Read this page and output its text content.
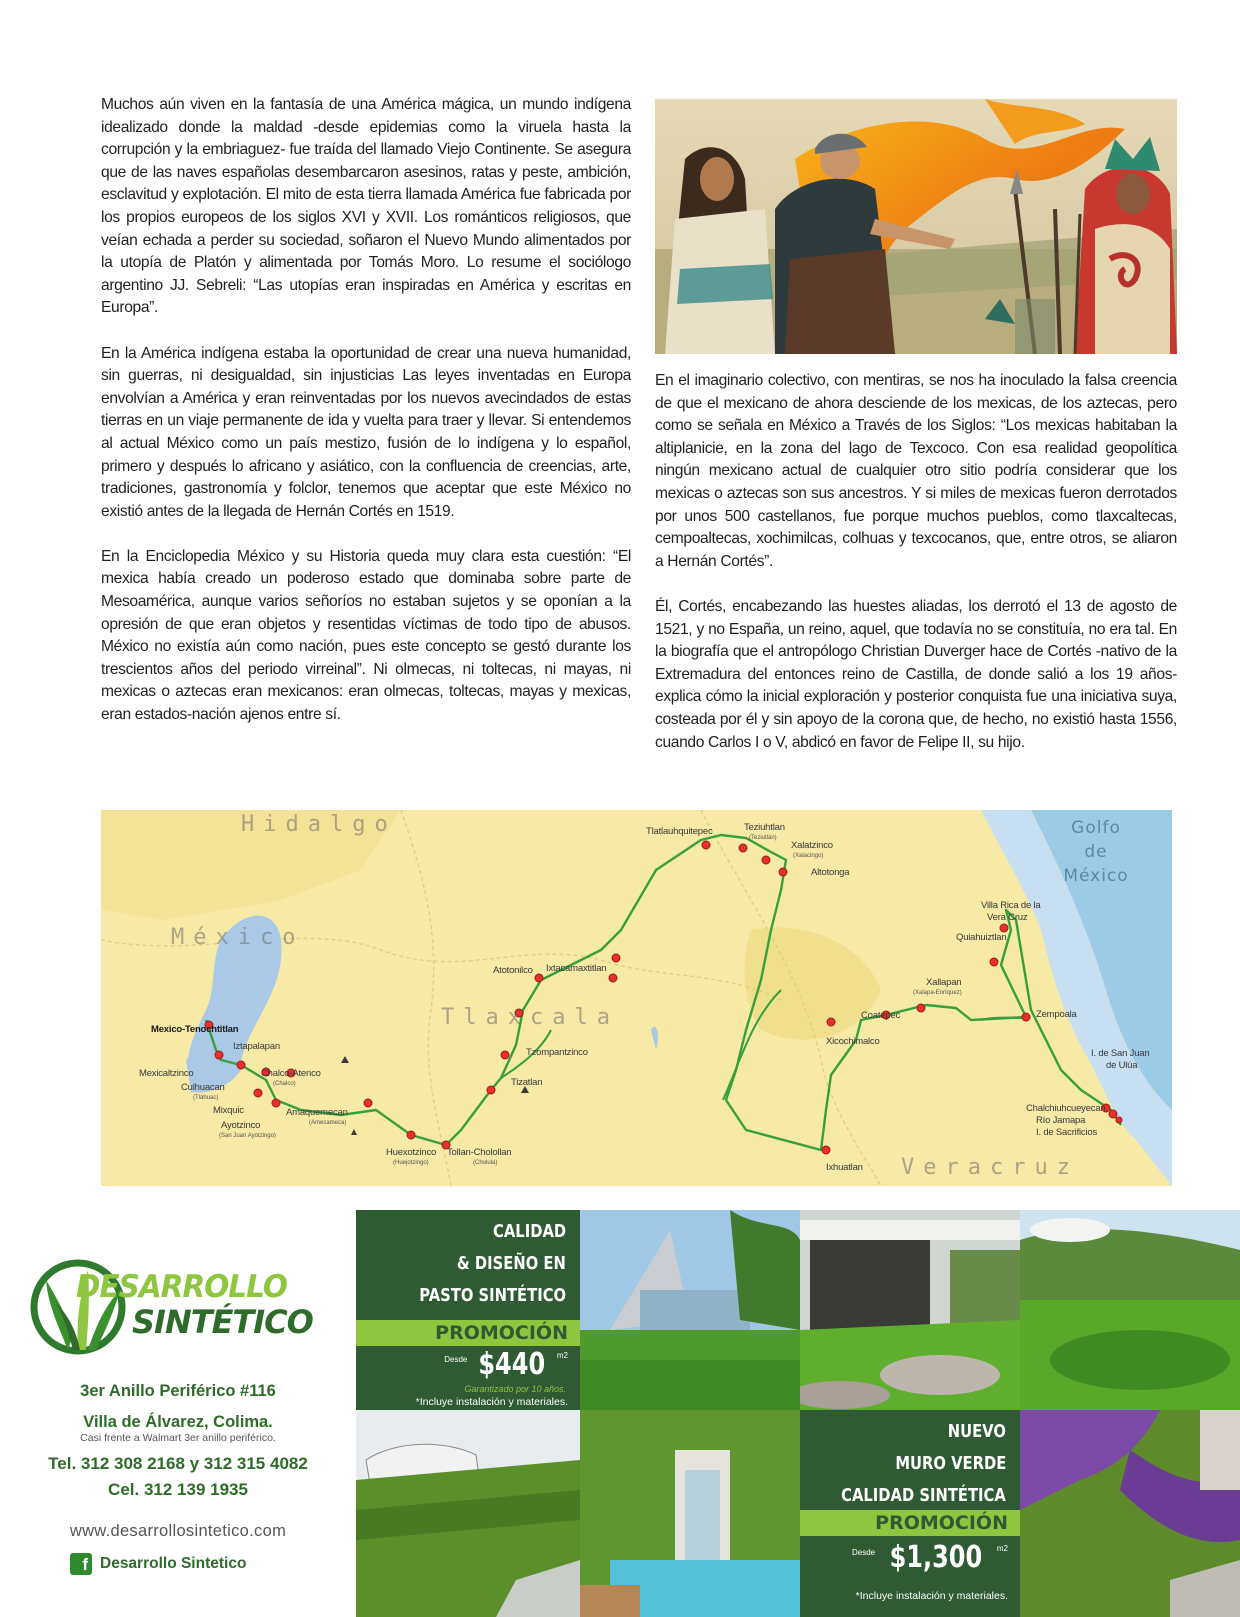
Muchos aún viven en la fantasía de una América mágica, un mundo indígena idealizado donde la maldad -desde epidemias como la viruela hasta la corrupción y la embriaguez- fue traída del llamado Viejo Continente. Se asegura que de las naves españolas desembarcaron asesinos, ratas y peste, ambición, esclavitud y explotación. El mito de esta tierra llamada América fue fabricada por los propios europeos de los siglos XVI y XVII. Los románticos religiosos, que veían echada a perder su sociedad, soñaron el Nuevo Mundo alimentados por la utopía de Platón y alimentada por Tomás Moro. Lo resume el sociólogo argentino JJ. Sebreli: “Las utopías eran inspiradas en América y escritas en Europa”.

En la América indígena estaba la oportunidad de crear una nueva humanidad, sin guerras, ni desigualdad, sin injusticias Las leyes inventadas en Europa envolvían a América y eran reinventadas por los nuevos avecindados de estas tierras en un viaje permanente de ida y vuelta para traer y llevar. Si entendemos al actual México como un país mestizo, fusión de lo indígena y lo español, primero y después lo africano y asiático, con la confluencia de creencias, arte, tradiciones, gastronomía y folclor, tenemos que aceptar que este México no existió antes de la llegada de Hernán Cortés en 1519.

En la Enciclopedia México y su Historia queda muy clara esta cuestión: “El mexica había creado un poderoso estado que dominaba sobre parte de Mesoamérica, aunque varios señoríos no estaban sujetos y se oponían a la opresión de que eran objetos y resentidas víctimas de todo tipo de abusos. México no existía aún como nación, pues este concepto se gestó durante los trescientos años del periodo virreinal”. Ni olmecas, ni toltecas, ni mayas, ni mexicas o aztecas eran mexicanos: eran olmecas, toltecas, mayas y mexicas, eran estados-nación ajenos entre sí.

En el imaginario colectivo, con mentiras, se nos ha inoculado la falsa creencia de que el mexicano de ahora desciende de los mexicas, de los aztecas, pero como se señala en México a Través de los Siglos: “Los mexicas habitaban la altiplanicie, en la zona del lago de Texcoco. Con esa realidad geopolítica ningún mexicano actual de cualquier otro sitio podría considerar que los mexicas o aztecas son sus ancestros. Y si miles de mexicas fueron derrotados por unos 500 castellanos, fue porque muchos pueblos, como tlaxcaltecas, cempoaltecas, xochimilcas, colhuas y texcocanos, que, entre otros, se aliaron a Hernán Cortés”.

Él, Cortés, encabezando las huestes aliadas, los derrotó el 13 de agosto de 1521, y no España, un reino, aquel, que todavía no se constituía, no era tal. En la biografía que el antropólogo Christian Duverger hace de Cortés -nativo de la Extremadura del entonces reino de Castilla, de donde salió a los 19 años- explica cómo la inicial exploración y posterior conquista fue una iniciativa suya, costeada por él y sin apoyo de la corona que, de hecho, no existió hasta 1556, cuando Carlos I o V, abdicó en favor de Felipe II, su hijo.

Hidalgo
México
Tlaxcala
Veracruz
Golfo
de
México
Mexico-Tenochtitlan
Iztapalapan
Mexicaltzinco
Culhuacan
(Tláhuac)
Chalco-Atenco
(Chalco)
Mixquic
Ayotzinco
(San Juan Ayotzingo)
Amaquemecan
(Amecameca)
Huexotzinco
(Huejotzingo)
Tollan-Cholollan
(Cholula)
Tizatlan
Tzompantzinco
Atotonilco Ixtacamaxtitlan
Tlatlauhquitepec	Teziuhtlan
(Teziutlán)
Xalatzinco
(Xalacingo)
Altotonga
Villa Rica de la
Vera Cruz
Quiahuiztlan
Xallapan
(Xalapa-Enríquez)
Zempoala
Coatepec
Xicochimalco
Ixhuatlan
I. de San Juan
de Ulúa
Chalchiuhcueyecan
Río Jamapa
I. de Sacrificios
DESARROLLO
SINTÉTICO
3er Anillo Periférico #116
Villa de Álvarez, Colima.
Casi frente a Walmart 3er anillo periférico.
Tel. 312 308 2168 y 312 315 4082
Cel. 312 139 1935
www.desarrollosintetico.com
f Desarrollo Sintetico
CALIDAD
& DISEÑO EN
PASTO SINTÉTICO
PROMOCIÓN
Desde $440 m2
Garantizado por 10 años.
*Incluye instalación y materiales.
NUEVO
MURO VERDE
CALIDAD SINTÉTICA
PROMOCIÓN
Desde $1,300 m2
*Incluye instalación y materiales.
